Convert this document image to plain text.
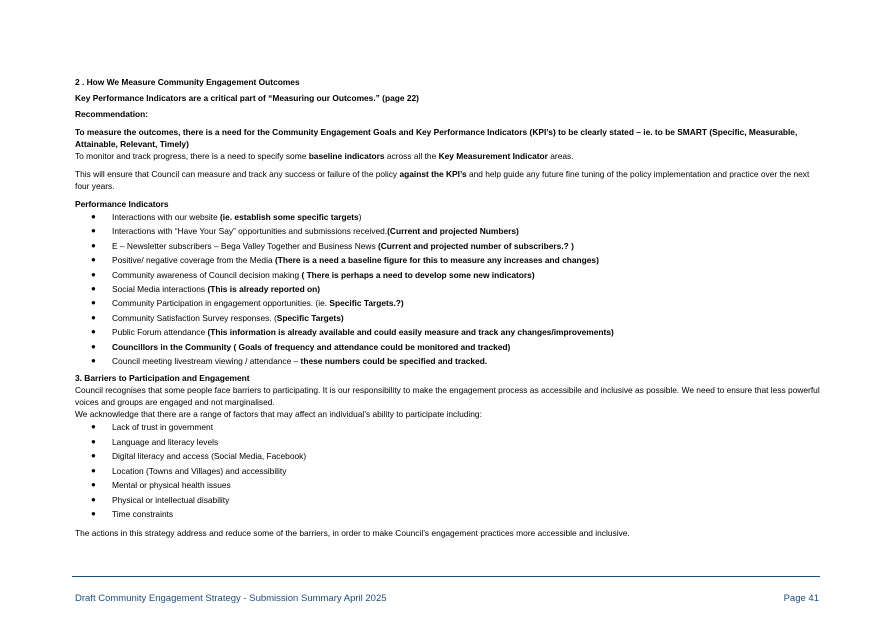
2 . How We Measure Community Engagement Outcomes

Key Performance Indicators are a critical part of “Measuring our Outcomes.” (page 22)

Recommendation:

To measure the outcomes, there is a need for the Community Engagement Goals and Key Performance Indicators (KPI’s) to be clearly stated – ie. to be SMART (Specific, Measurable, Attainable, Relevant, Timely)

To monitor and track progress, there is a need to specify some baseline indicators across all the Key Measurement Indicator areas.

This will ensure that Council can measure and track any success or failure of the policy against the KPI’s and help guide any future fine tuning of the policy implementation and practice over the next four years.

Performance Indicators

● Interactions with our website (ie. establish some specific targets)
● Interactions with “Have Your Say” opportunities and submissions received.(Current and projected Numbers)
● E – Newsletter subscribers – Bega Valley Together and Business News (Current and projected number of subscribers.? )
● Positive/ negative coverage from the Media (There is a need a baseline figure for this to measure any increases and changes)
● Community awareness of Council decision making ( There is perhaps a need to develop some new indicators)
● Social Media interactions (This is already reported on)
● Community Participation in engagement opportunities. (ie. Specific Targets.?)
● Community Satisfaction Survey responses. (Specific Targets)
● Public Forum attendance (This information is already available and could easily measure and track any changes/improvements)
● Councillors in the Community ( Goals of frequency and attendance could be monitored and tracked)
● Council meeting livestream viewing / attendance – these numbers could be specified and tracked.

3. Barriers to Participation and Engagement

Council recognises that some people face barriers to participating. It is our responsibility to make the engagement process as accessibile and inclusive as possible. We need to ensure that less powerful voices and groups are engaged and not marginalised.

We acknowledge that there are a range of factors that may affect an individual’s ability to participate including:

● Lack of trust in government
● Language and literacy levels
● Digital literacy and access (Social Media, Facebook)
● Location (Towns and Villages) and accessibility
● Mental or physical health issues
● Physical or intellectual disability
● Time constraints

The actions in this strategy address and reduce some of the barriers, in order to make Council’s engagement practices more accessible and inclusive.

Draft Community Engagement Strategy - Submission Summary April 2025	Page 41
